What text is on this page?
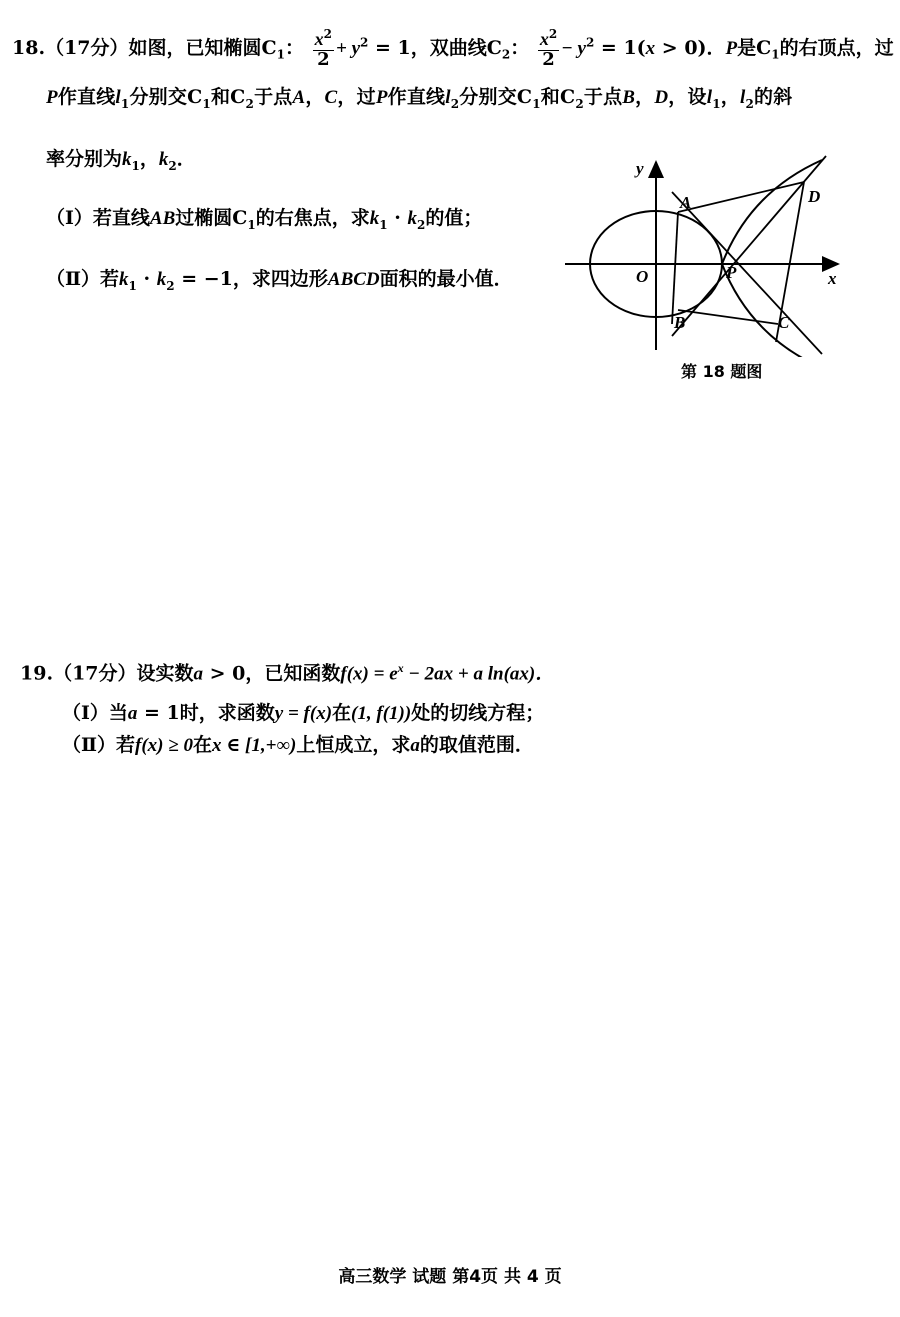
18.（17分）如图，已知椭圆$C_1$： $\frac{x^2}{2} + y^2 = 1$，双曲线$C_2$： $\frac{x^2}{2} - y^2 = 1(x > 0)$．P是$C_1$的右顶点，过
P作直线$l_1$分别交$C_1$和$C_2$于点A，C，过P作直线$l_2$分别交$C_1$和$C_2$于点B，D，设$l_1$，$l_2$的斜
率分别为$k_1$，$k_2$．
（Ⅰ）若直线AB过椭圆$C_1$的右焦点，求$k_1 \cdot k_2$的值；
（Ⅱ）若$k_1 \cdot k_2 = -1$，求四边形ABCD面积的最小值．
y
x
O	P
A
B	C
D
第 18 题图
19.（17分）设实数a > 0，已知函数$f(x) = e^x - 2ax + a$ ln(ax)．
（Ⅰ）当a = 1时，求函数y = f(x)在(1, f(1))处的切线方程；
（Ⅱ）若f(x) ≥ 0在x ∈ [1,+∞)上恒成立，求a的取值范围．
高三数学 试题 第4页 共 4 页
